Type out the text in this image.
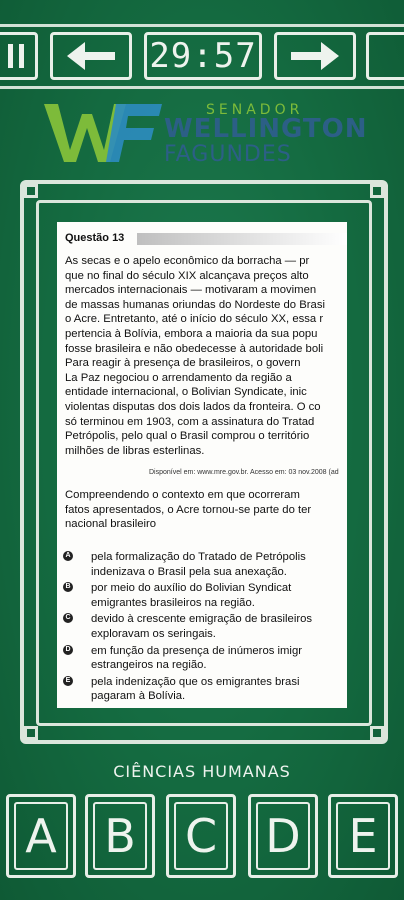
29:57
SENADOR
WELLINGTON
FAGUNDES
Questão 13
As secas e o apelo econômico da borracha — pr
que no final do século XIX alcançava preços alto
mercados internacionais — motivaram a movimen
de massas humanas oriundas do Nordeste do Brasi
o Acre. Entretanto, até o início do século XX, essa r
pertencia à Bolívia, embora a maioria da sua popu
fosse brasileira e não obedecesse à autoridade boli
Para reagir à presença de brasileiros, o govern
La Paz negociou o arrendamento da região a
entidade internacional, o Bolivian Syndicate, inic
violentas disputas dos dois lados da fronteira. O co
só terminou em 1903, com a assinatura do Tratad
Petrópolis, pelo qual o Brasil comprou o território
milhões de libras esterlinas.
Disponível em: www.mre.gov.br. Acesso em: 03 nov.2008 (ad
Compreendendo o contexto em que ocorreram
fatos apresentados, o Acre tornou-se parte do ter
nacional brasileiro
A pela formalização do Tratado de Petrópolis
indenizava o Brasil pela sua anexação.
B por meio do auxílio do Bolivian Syndicat
emigrantes brasileiros na região.
C devido à crescente emigração de brasileiros
exploravam os seringais.
D em função da presença de inúmeros imigr
estrangeiros na região.
E pela indenização que os emigrantes brasi
pagaram à Bolívia.
CIÊNCIAS HUMANAS
A B C D E
